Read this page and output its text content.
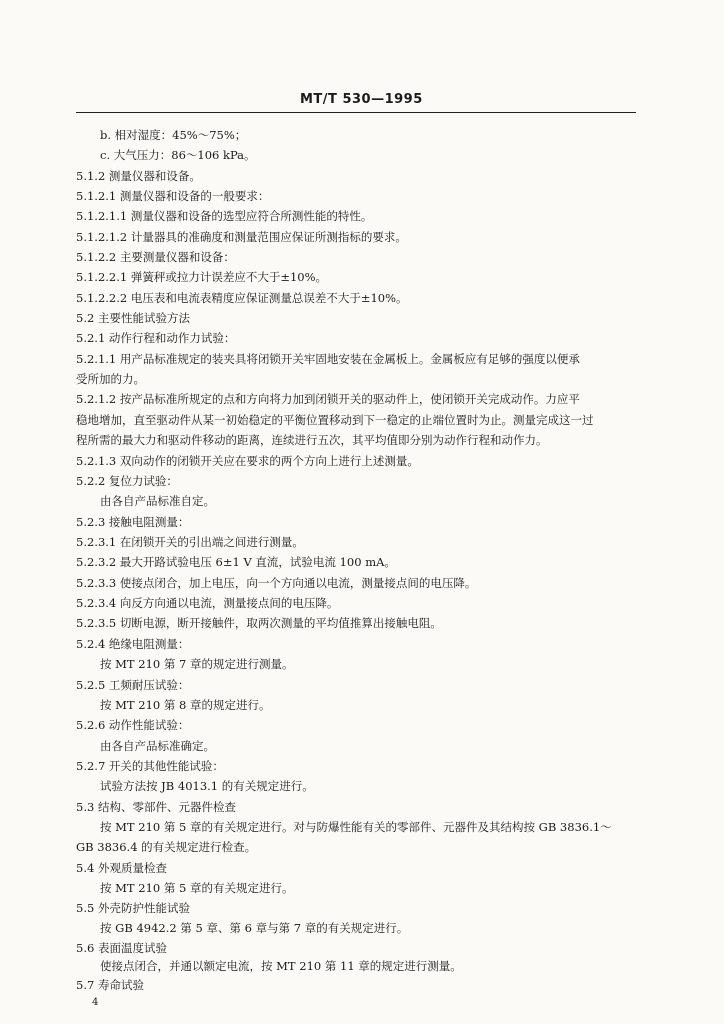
MT/T 530—1995
b. 相对湿度：45%～75%；
c. 大气压力：86～106 kPa。
5.1.2 测量仪器和设备。
5.1.2.1 测量仪器和设备的一般要求：
5.1.2.1.1 测量仪器和设备的选型应符合所测性能的特性。
5.1.2.1.2 计量器具的准确度和测量范围应保证所测指标的要求。
5.1.2.2 主要测量仪器和设备：
5.1.2.2.1 弹簧秤或拉力计误差应不大于±10%。
5.1.2.2.2 电压表和电流表精度应保证测量总误差不大于±10%。
5.2 主要性能试验方法
5.2.1 动作行程和动作力试验：
5.2.1.1 用产品标准规定的装夹具将闭锁开关牢固地安装在金属板上。金属板应有足够的强度以便承
受所加的力。
5.2.1.2 按产品标准所规定的点和方向将力加到闭锁开关的驱动件上，使闭锁开关完成动作。力应平
稳地增加，直至驱动件从某一初始稳定的平衡位置移动到下一稳定的止端位置时为止。测量完成这一过
程所需的最大力和驱动件移动的距离，连续进行五次，其平均值即分别为动作行程和动作力。
5.2.1.3 双向动作的闭锁开关应在要求的两个方向上进行上述测量。
5.2.2 复位力试验：
由各自产品标准自定。
5.2.3 接触电阻测量：
5.2.3.1 在闭锁开关的引出端之间进行测量。
5.2.3.2 最大开路试验电压 6±1 V 直流，试验电流 100 mA。
5.2.3.3 使接点闭合，加上电压，向一个方向通以电流，测量接点间的电压降。
5.2.3.4 向反方向通以电流，测量接点间的电压降。
5.2.3.5 切断电源，断开接触件，取两次测量的平均值推算出接触电阻。
5.2.4 绝缘电阻测量：
按 MT 210 第 7 章的规定进行测量。
5.2.5 工频耐压试验：
按 MT 210 第 8 章的规定进行。
5.2.6 动作性能试验：
由各自产品标准确定。
5.2.7 开关的其他性能试验：
试验方法按 JB 4013.1 的有关规定进行。
5.3 结构、零部件、元器件检查
按 MT 210 第 5 章的有关规定进行。对与防爆性能有关的零部件、元器件及其结构按 GB 3836.1～
GB 3836.4 的有关规定进行检查。
5.4 外观质量检查
按 MT 210 第 5 章的有关规定进行。
5.5 外壳防护性能试验
按 GB 4942.2 第 5 章、第 6 章与第 7 章的有关规定进行。
5.6 表面温度试验
使接点闭合，并通以额定电流，按 MT 210 第 11 章的规定进行测量。
5.7 寿命试验
4
